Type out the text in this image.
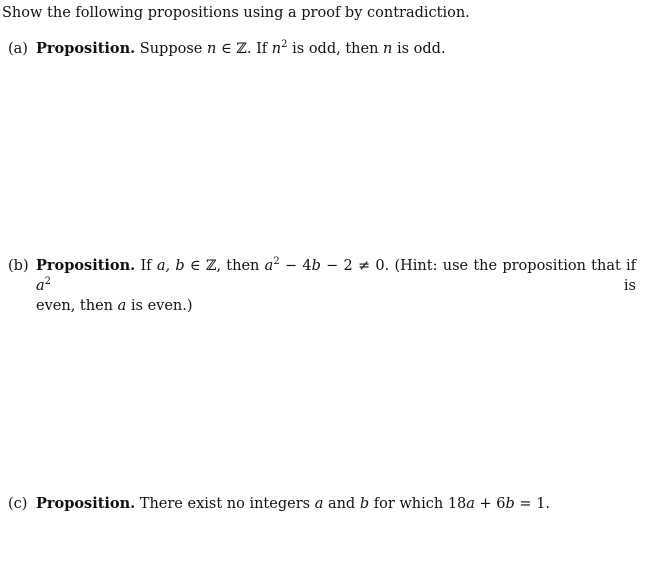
Show the following propositions using a proof by contradiction.
(a) Proposition. Suppose n ∈ ℤ. If $n^2$ is odd, then n is odd.
(b) Proposition. If a, b ∈ ℤ, then $a^2 - 4b - 2 \ne 0$. (Hint: use the proposition that if $a^2$	is
even, then a is even.)
(c) Proposition. There exist no integers a and b for which 18a + 6b = 1.
